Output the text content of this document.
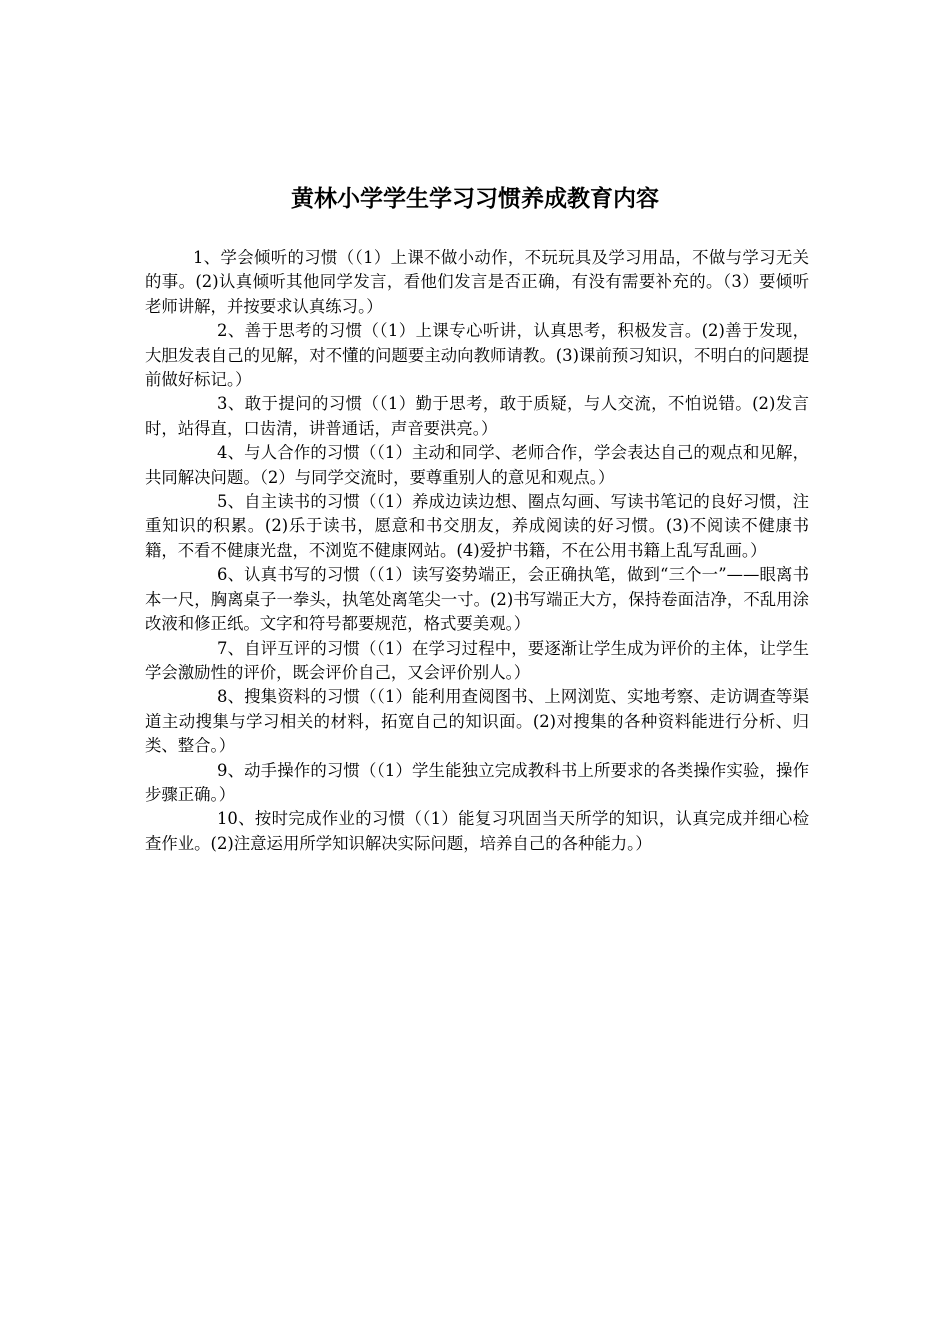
黄林小学学生学习习惯养成教育内容

1、学会倾听的习惯（（1）上课不做小动作，不玩玩具及学习用品，不做与学习无关的事。(2)认真倾听其他同学发言，看他们发言是否正确，有没有需要补充的。（3）要倾听老师讲解，并按要求认真练习。）

2、善于思考的习惯（（1）上课专心听讲，认真思考，积极发言。(2)善于发现，大胆发表自己的见解，对不懂的问题要主动向教师请教。(3)课前预习知识，不明白的问题提前做好标记。）

3、敢于提问的习惯（（1）勤于思考，敢于质疑，与人交流，不怕说错。(2)发言时，站得直，口齿清，讲普通话，声音要洪亮。）

4、与人合作的习惯（（1）主动和同学、老师合作，学会表达自己的观点和见解，共同解决问题。（2）与同学交流时，要尊重别人的意见和观点。）

5、自主读书的习惯（（1）养成边读边想、圈点勾画、写读书笔记的良好习惯，注重知识的积累。(2)乐于读书，愿意和书交朋友，养成阅读的好习惯。(3)不阅读不健康书籍，不看不健康光盘，不浏览不健康网站。(4)爱护书籍，不在公用书籍上乱写乱画。）

6、认真书写的习惯（（1）读写姿势端正，会正确执笔，做到“三个一”——眼离书本一尺，胸离桌子一拳头，执笔处离笔尖一寸。(2)书写端正大方，保持卷面洁净，不乱用涂改液和修正纸。文字和符号都要规范，格式要美观。）

7、自评互评的习惯（（1）在学习过程中，要逐渐让学生成为评价的主体，让学生学会激励性的评价，既会评价自己，又会评价别人。）

8、搜集资料的习惯（（1）能利用查阅图书、上网浏览、实地考察、走访调查等渠道主动搜集与学习相关的材料，拓宽自己的知识面。(2)对搜集的各种资料能进行分析、归类、整合。）

9、动手操作的习惯（（1）学生能独立完成教科书上所要求的各类操作实验，操作步骤正确。）

10、按时完成作业的习惯（（1）能复习巩固当天所学的知识，认真完成并细心检查作业。(2)注意运用所学知识解决实际问题，培养自己的各种能力。）
